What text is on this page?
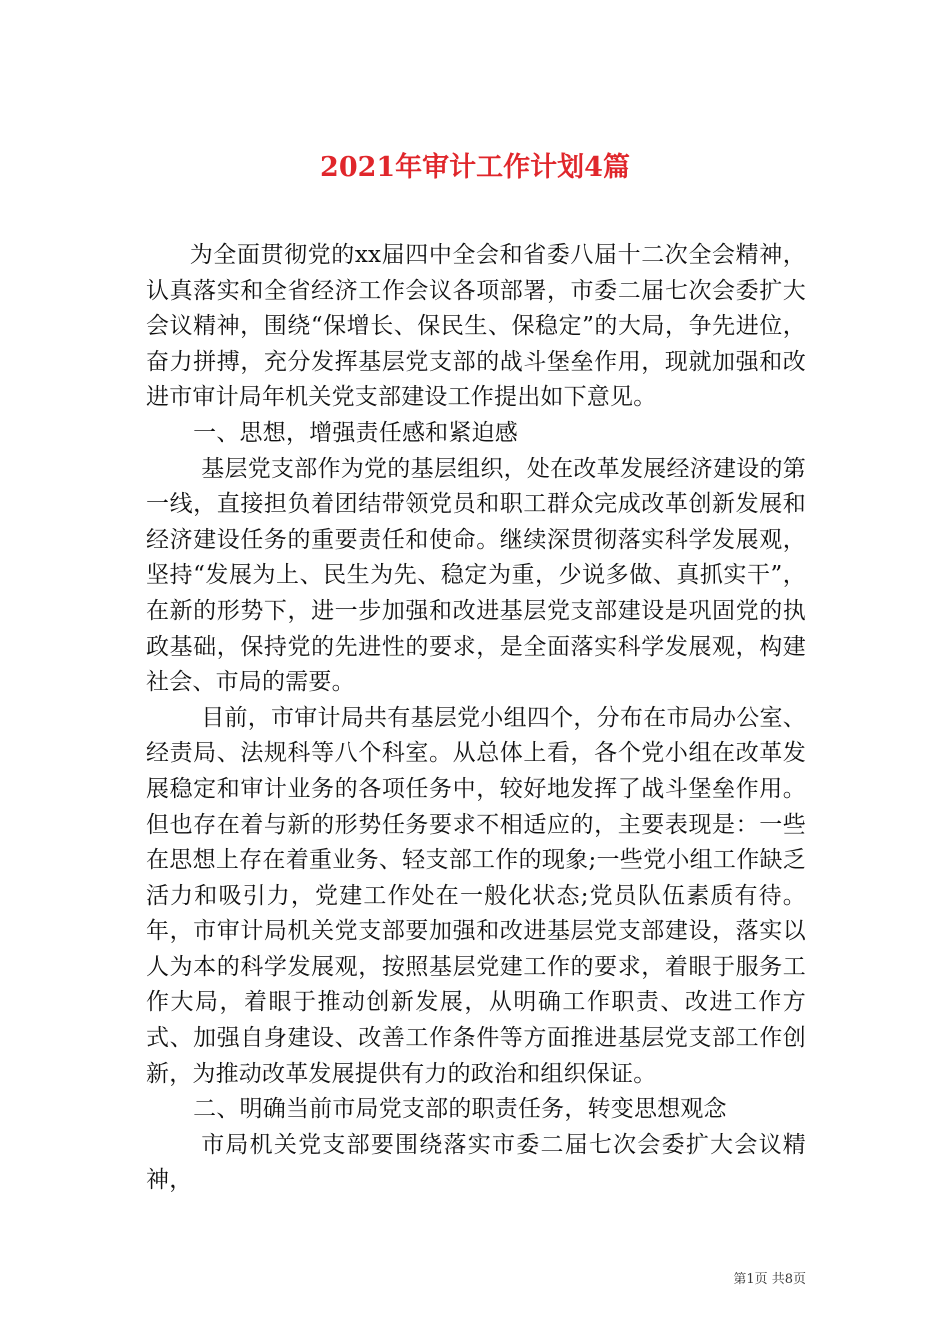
2021年审计工作计划4篇

为全面贯彻党的xx届四中全会和省委八届十二次全会精神，认真落实和全省经济工作会议各项部署，市委二届七次会委扩大会议精神，围绕“保增长、保民生、保稳定”的大局，争先进位，奋力拼搏，充分发挥基层党支部的战斗堡垒作用，现就加强和改进市审计局年机关党支部建设工作提出如下意见。

一、思想，增强责任感和紧迫感

基层党支部作为党的基层组织，处在改革发展经济建设的第一线，直接担负着团结带领党员和职工群众完成改革创新发展和经济建设任务的重要责任和使命。继续深贯彻落实科学发展观，坚持“发展为上、民生为先、稳定为重，少说多做、真抓实干”，在新的形势下，进一步加强和改进基层党支部建设是巩固党的执政基础，保持党的先进性的要求，是全面落实科学发展观，构建社会、市局的需要。

目前，市审计局共有基层党小组四个，分布在市局办公室、经责局、法规科等八个科室。从总体上看，各个党小组在改革发展稳定和审计业务的各项任务中，较好地发挥了战斗堡垒作用。但也存在着与新的形势任务要求不相适应的，主要表现是：一些在思想上存在着重业务、轻支部工作的现象;一些党小组工作缺乏活力和吸引力，党建工作处在一般化状态;党员队伍素质有待。年，市审计局机关党支部要加强和改进基层党支部建设，落实以人为本的科学发展观，按照基层党建工作的要求，着眼于服务工作大局，着眼于推动创新发展，从明确工作职责、改进工作方式、加强自身建设、改善工作条件等方面推进基层党支部工作创新，为推动改革发展提供有力的政治和组织保证。

二、明确当前市局党支部的职责任务，转变思想观念

市局机关党支部要围绕落实市委二届七次会委扩大会议精神，

第1页 共8页
